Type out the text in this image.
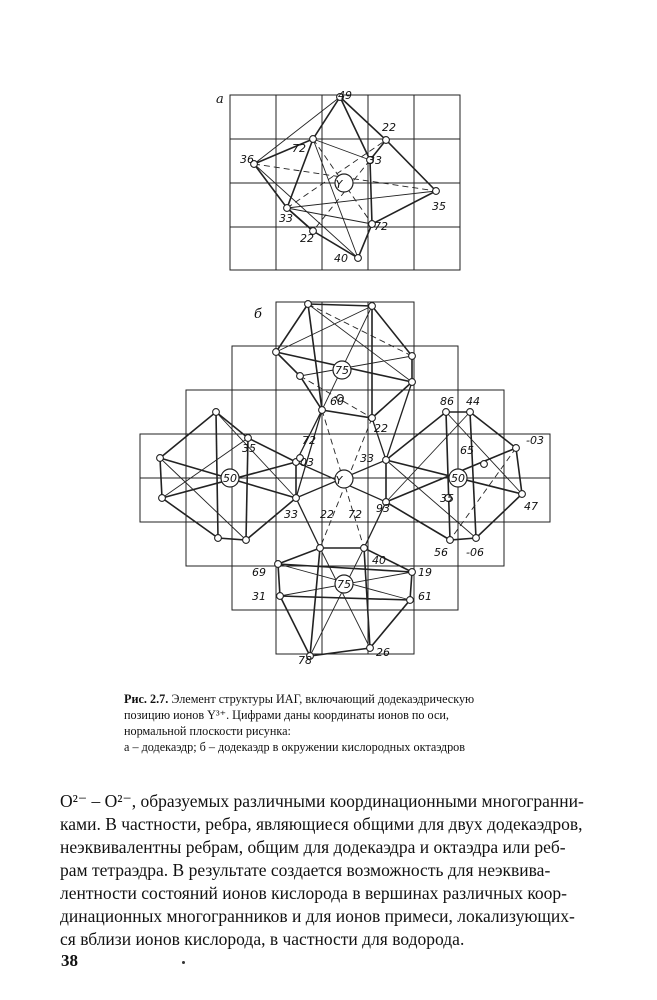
a
Y
49
22
72
36	33
35
33
72
22
40
б
Y
75
50	50
75
60
72
22
35
03	33
86 44
65
-03
35
47
33 22 72 93
56 -06
40
69
31
19
61
78
26
Рис. 2.7. Элемент структуры ИАГ, включающий додекаэдрическую
позицию ионов Y³⁺. Цифрами даны координаты ионов по оси,
нормальной плоскости рисунка:
а – додекаэдр; б – додекаэдр в окружении кислородных октаэдров
O²⁻ – O²⁻, образуемых различными координационными многогранни-
ками. В частности, ребра, являющиеся общими для двух додекаэдров,
неэквивалентны ребрам, общим для додекаэдра и октаэдра или реб-
рам тетраэдра. В результате создается возможность для неэквива-
лентности состояний ионов кислорода в вершинах различных коор-
динационных многогранников и для ионов примеси, локализующих-
ся вблизи ионов кислорода, в частности для водорода.
38
